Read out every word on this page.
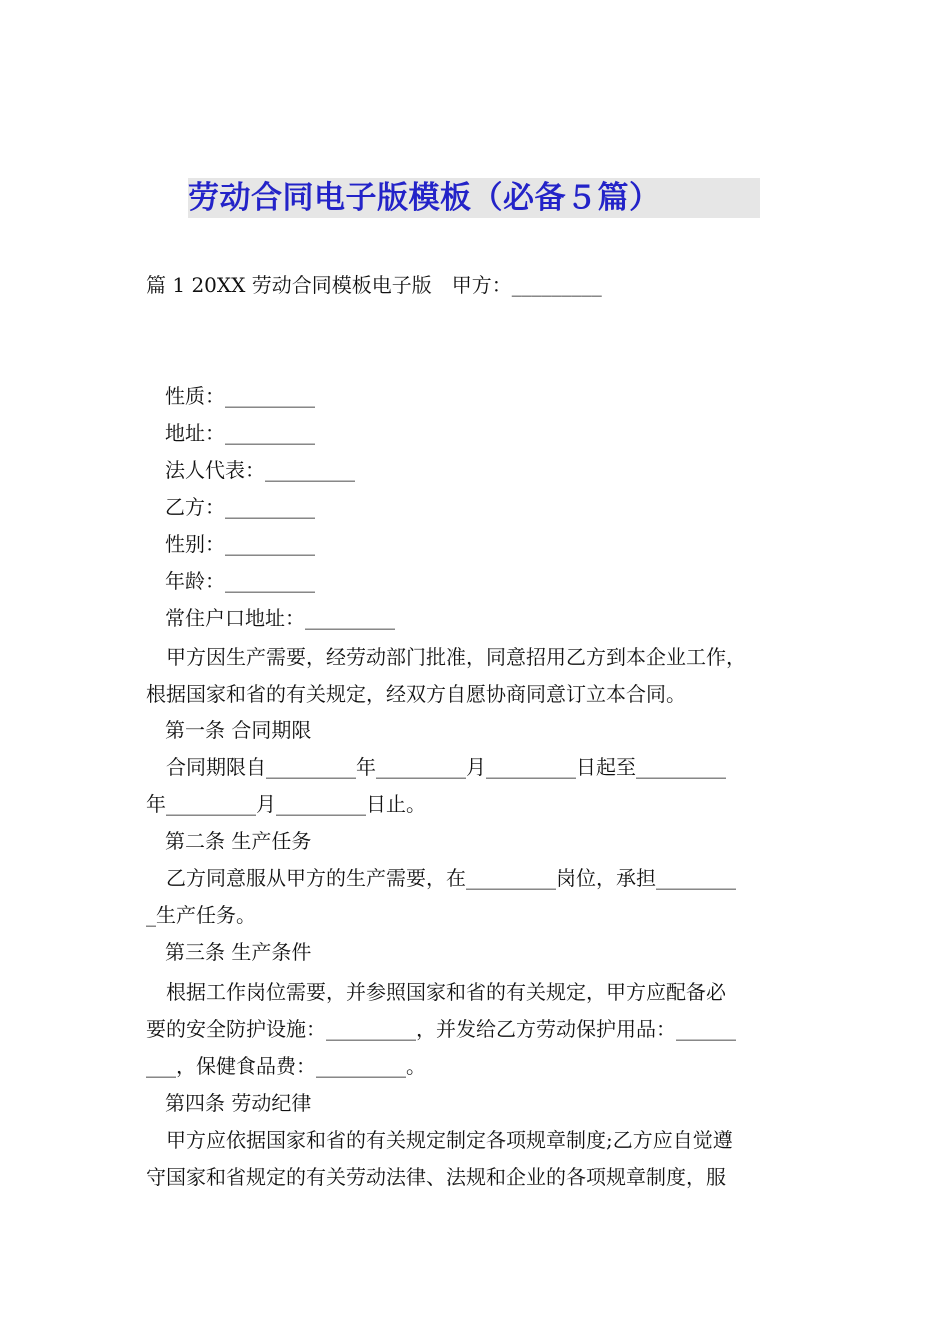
劳动合同电子版模板（必备５篇）
篇 1 20XX 劳动合同模板电子版　甲方：_________
性质：_________
地址：_________
法人代表：_________
乙方：_________
性别：_________
年龄：_________
常住户口地址：_________
　甲方因生产需要，经劳动部门批准，同意招用乙方到本企业工作，
根据国家和省的有关规定，经双方自愿协商同意订立本合同。
第一条 合同期限
　合同期限自_________年_________月_________日起至_________
年_________月_________日止。
第二条 生产任务
　乙方同意服从甲方的生产需要，在_________岗位，承担________
_生产任务。
第三条 生产条件
　根据工作岗位需要，并参照国家和省的有关规定，甲方应配备必
要的安全防护设施：_________，并发给乙方劳动保护用品：______
___，保健食品费：_________。
第四条 劳动纪律
　甲方应依据国家和省的有关规定制定各项规章制度;乙方应自觉遵
守国家和省规定的有关劳动法律、法规和企业的各项规章制度，服
